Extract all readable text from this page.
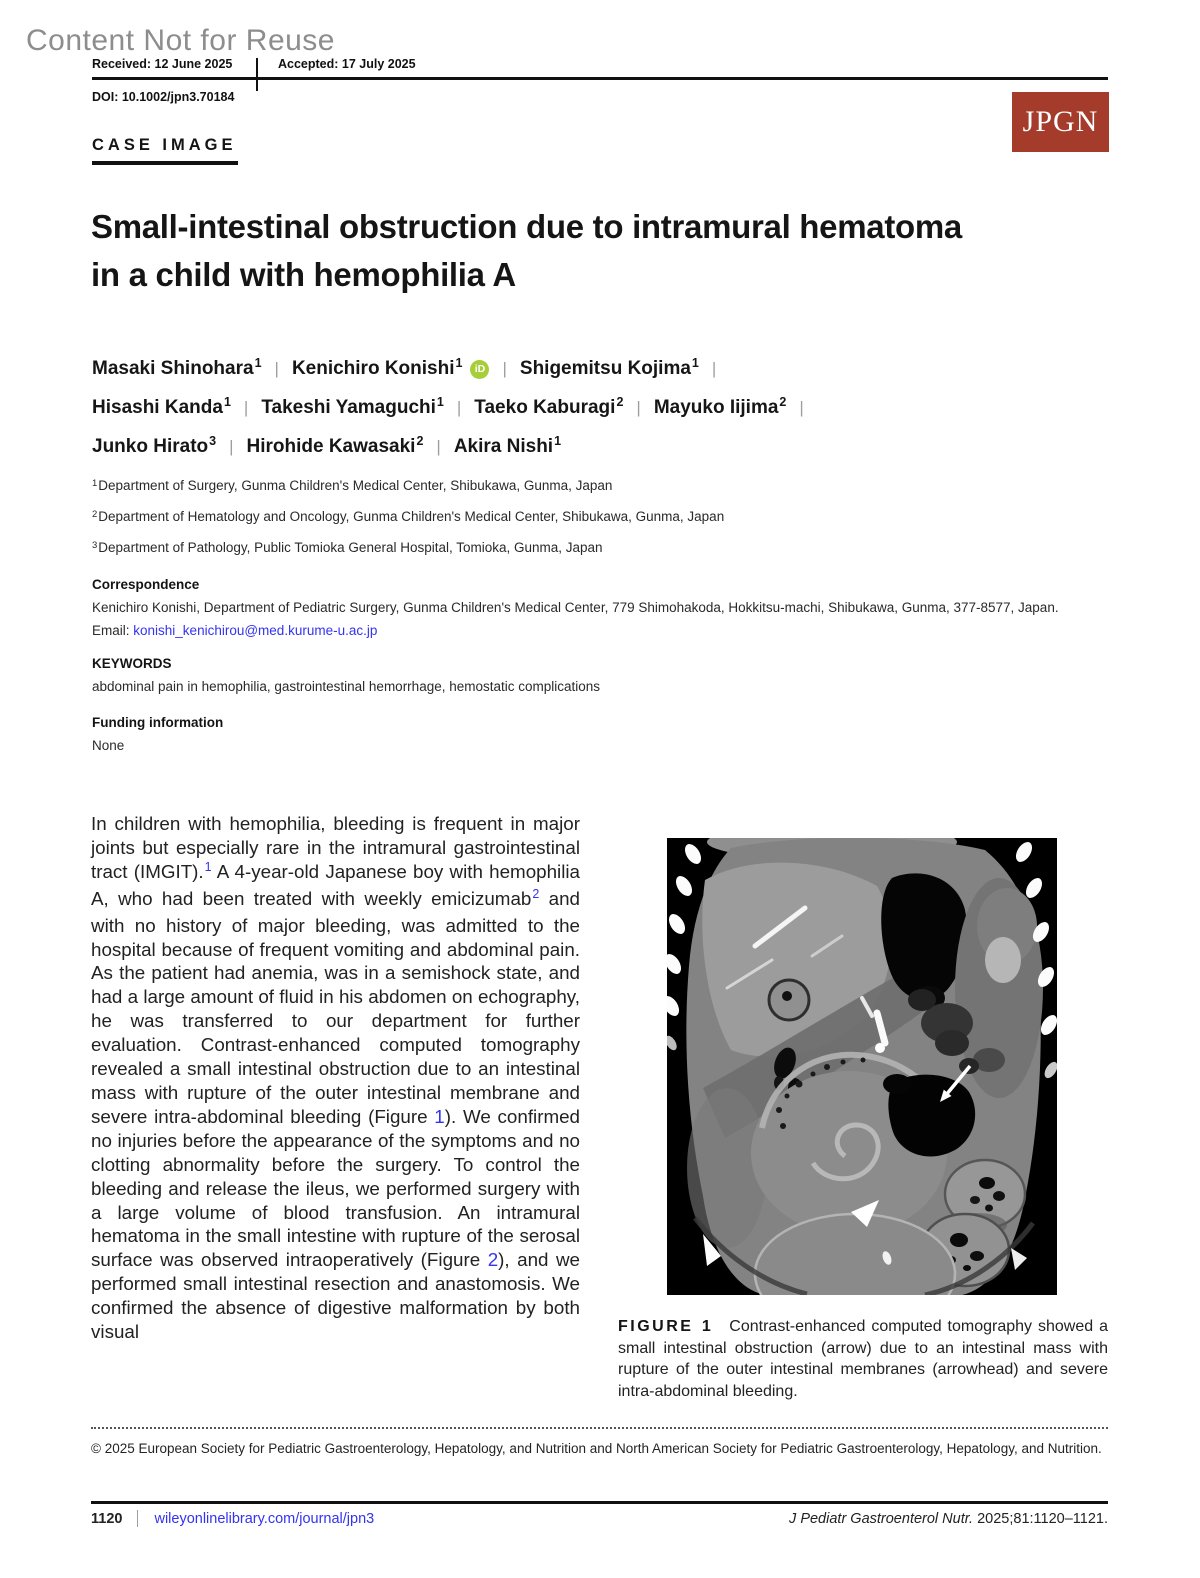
Content Not for Reuse
Received: 12 June 2025	Accepted: 17 July 2025
DOI: 10.1002/jpn3.70184
JPGN
CASE IMAGE
Small-intestinal obstruction due to intramural hematoma
in a child with hemophilia A
Masaki Shinohara$^1$ | Kenichiro Konishi$^1$ iD | Shigemitsu Kojima$^1$ |
Hisashi Kanda$^1$ | Takeshi Yamaguchi$^1$ | Taeko Kaburagi$^2$ | Mayuko Iijima$^2$ |
Junko Hirato$^3$ | Hirohide Kawasaki$^2$ | Akira Nishi$^1$
$^1$Department of Surgery, Gunma Children's Medical Center, Shibukawa, Gunma, Japan
$^2$Department of Hematology and Oncology, Gunma Children's Medical Center, Shibukawa, Gunma, Japan
$^3$Department of Pathology, Public Tomioka General Hospital, Tomioka, Gunma, Japan
Correspondence
Kenichiro Konishi, Department of Pediatric Surgery, Gunma Children's Medical Center, 779 Shimohakoda, Hokkitsu-machi, Shibukawa, Gunma, 377-8577, Japan.
Email: konishi_kenichirou@med.kurume-u.ac.jp
KEYWORDS
abdominal pain in hemophilia, gastrointestinal hemorrhage, hemostatic complications
Funding information
None

In children with hemophilia, bleeding is frequent in major joints but especially rare in the intramural gastrointestinal tract (IMGIT).$^1$ A 4-year-old Japanese boy with hemophilia A, who had been treated with weekly emicizumab$^2$ and with no history of major bleeding, was admitted to the hospital because of frequent vomiting and abdominal pain. As the patient had anemia, was in a semishock state, and had a large amount of fluid in his abdomen on echography, he was transferred to our department for further evaluation. Contrast-enhanced computed tomography revealed a small intestinal obstruction due to an intestinal mass with rupture of the outer intestinal membrane and severe intra-abdominal bleeding (Figure 1). We confirmed no injuries before the appearance of the symptoms and no clotting abnormality before the surgery. To control the bleeding and release the ileus, we performed surgery with a large volume of blood transfusion. An intramural hematoma in the small intestine with rupture of the serosal surface was observed intraoperatively (Figure 2), and we performed small intestinal resection and anastomosis. We confirmed the absence of digestive malformation by both visual	FIGURE 1 Contrast-enhanced computed tomography showed a small intestinal obstruction (arrow) due to an intestinal mass with rupture of the outer intestinal membranes (arrowhead) and severe intra-abdominal bleeding.

© 2025 European Society for Pediatric Gastroenterology, Hepatology, and Nutrition and North American Society for Pediatric Gastroenterology, Hepatology, and Nutrition.
1120 wileyonlinelibrary.com/journal/jpn3	J Pediatr Gastroenterol Nutr. 2025;81:1120–1121.
